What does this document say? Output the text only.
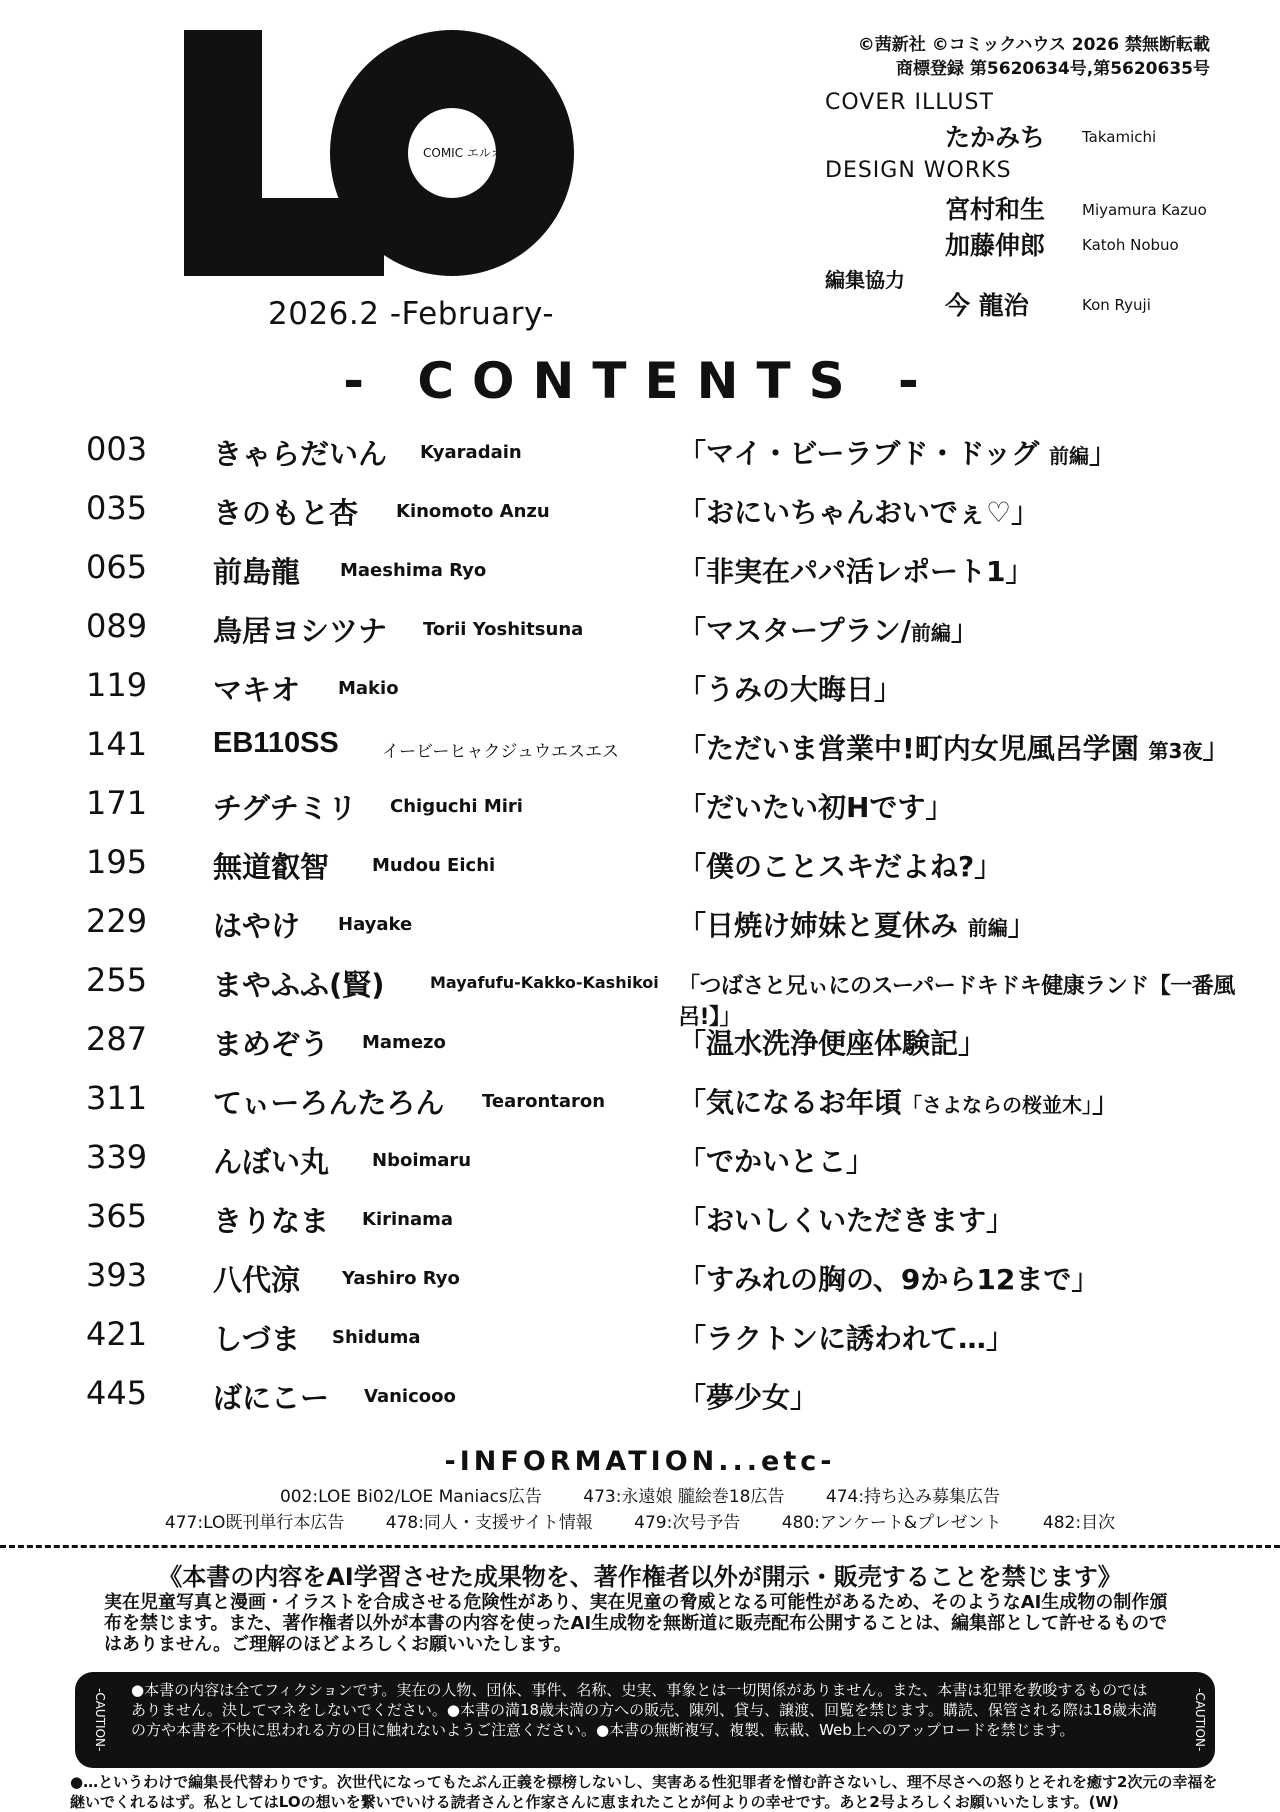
COMIC エルオー
2026.2 -February-
©茜新社 ©コミックハウス 2026 禁無断転載
商標登録 第5620634号,第5620635号
COVER ILLUST
たかみち Takamichi
DESIGN WORKS
宮村和生 Miyamura Kazuo
加藤伸郎 Katoh Nobuo
編集協力
今 龍治	Kon Ryuji
- CONTENTS -
003 きゃらだいん Kyaradain	「マイ・ビーラブド・ドッグ 前編」
035 きのもと杏 Kinomoto Anzu	「おにいちゃんおいでぇ♡」
065 前島龍 Maeshima Ryo	「非実在パパ活レポート1」
089 鳥居ヨシツナ Torii Yoshitsuna	「マスタープラン/前編」
119 マキオ Makio	「うみの大晦日」
141 EB110SS	イービーヒャクジュウエスエス 「ただいま営業中!町内女児風呂学園 第3夜」
171 チグチミリ Chiguchi Miri	「だいたい初Hです」
195 無道叡智 Mudou Eichi	「僕のことスキだよね?」
229 はやけ Hayake	「日焼け姉妹と夏休み 前編」
255 まやふふ(賢)	Mayafufu-Kakko-Kashikoi 「つばさと兄ぃにのスーパードキドキ健康ランド【一番風呂!】」
287 まめぞう Mamezo	「温水洗浄便座体験記」
311 てぃーろんたろん Tearontaron	「気になるお年頃「さよならの桜並木」」
339 んぼい丸 Nboimaru	「でかいとこ」
365 きりなま Kirinama	「おいしくいただきます」
393 八代涼 Yashiro Ryo	「すみれの胸の、9から12まで」
421 しづま Shiduma	「ラクトンに誘われて…」
445 ばにこー Vanicooo	「夢少女」
-INFORMATION...etc-
002:LOE Bi02/LOE Maniacs広告 473:永遠娘 朧絵巻18広告 474:持ち込み募集広告
477:LO既刊単行本広告 478:同人・支援サイト情報 479:次号予告 480:アンケート&プレゼント 482:目次
《本書の内容をAI学習させた成果物を、著作権者以外が開示・販売することを禁じます》
実在児童写真と漫画・イラストを合成させる危険性があり、実在児童の脅威となる可能性があるため、そのようなAI生成物の制作頒布を禁じます。また、著作権者以外が本書の内容を使ったAI生成物を無断道に販売配布公開することは、編集部として許せるものではありません。ご理解のほどよろしくお願いいたします。
-CAUTION- ●本書の内容は全てフィクションです。実在の人物、団体、事件、名称、史実、事象とは一切関係がありません。また、本書は犯罪を教唆するものではありません。決してマネをしないでください。●本書の満18歳未満の方への販売、陳列、貸与、譲渡、回覧を禁じます。購読、保管される際は18歳未満の方や本書を不快に思われる方の目に触れないようご注意ください。●本書の無断複写、複製、転載、Web上へのアップロードを禁じます。	-CAUTION-
●…というわけで編集長代替わりです。次世代になってもたぶん正義を標榜しないし、実害ある性犯罪者を憎む許さないし、理不尽さへの怒りとそれを癒す2次元の幸福を継いでくれるはず。私としてはLOの想いを繋いでいける読者さんと作家さんに恵まれたことが何よりの幸せです。あと2号よろしくお願いいたします。(W)
